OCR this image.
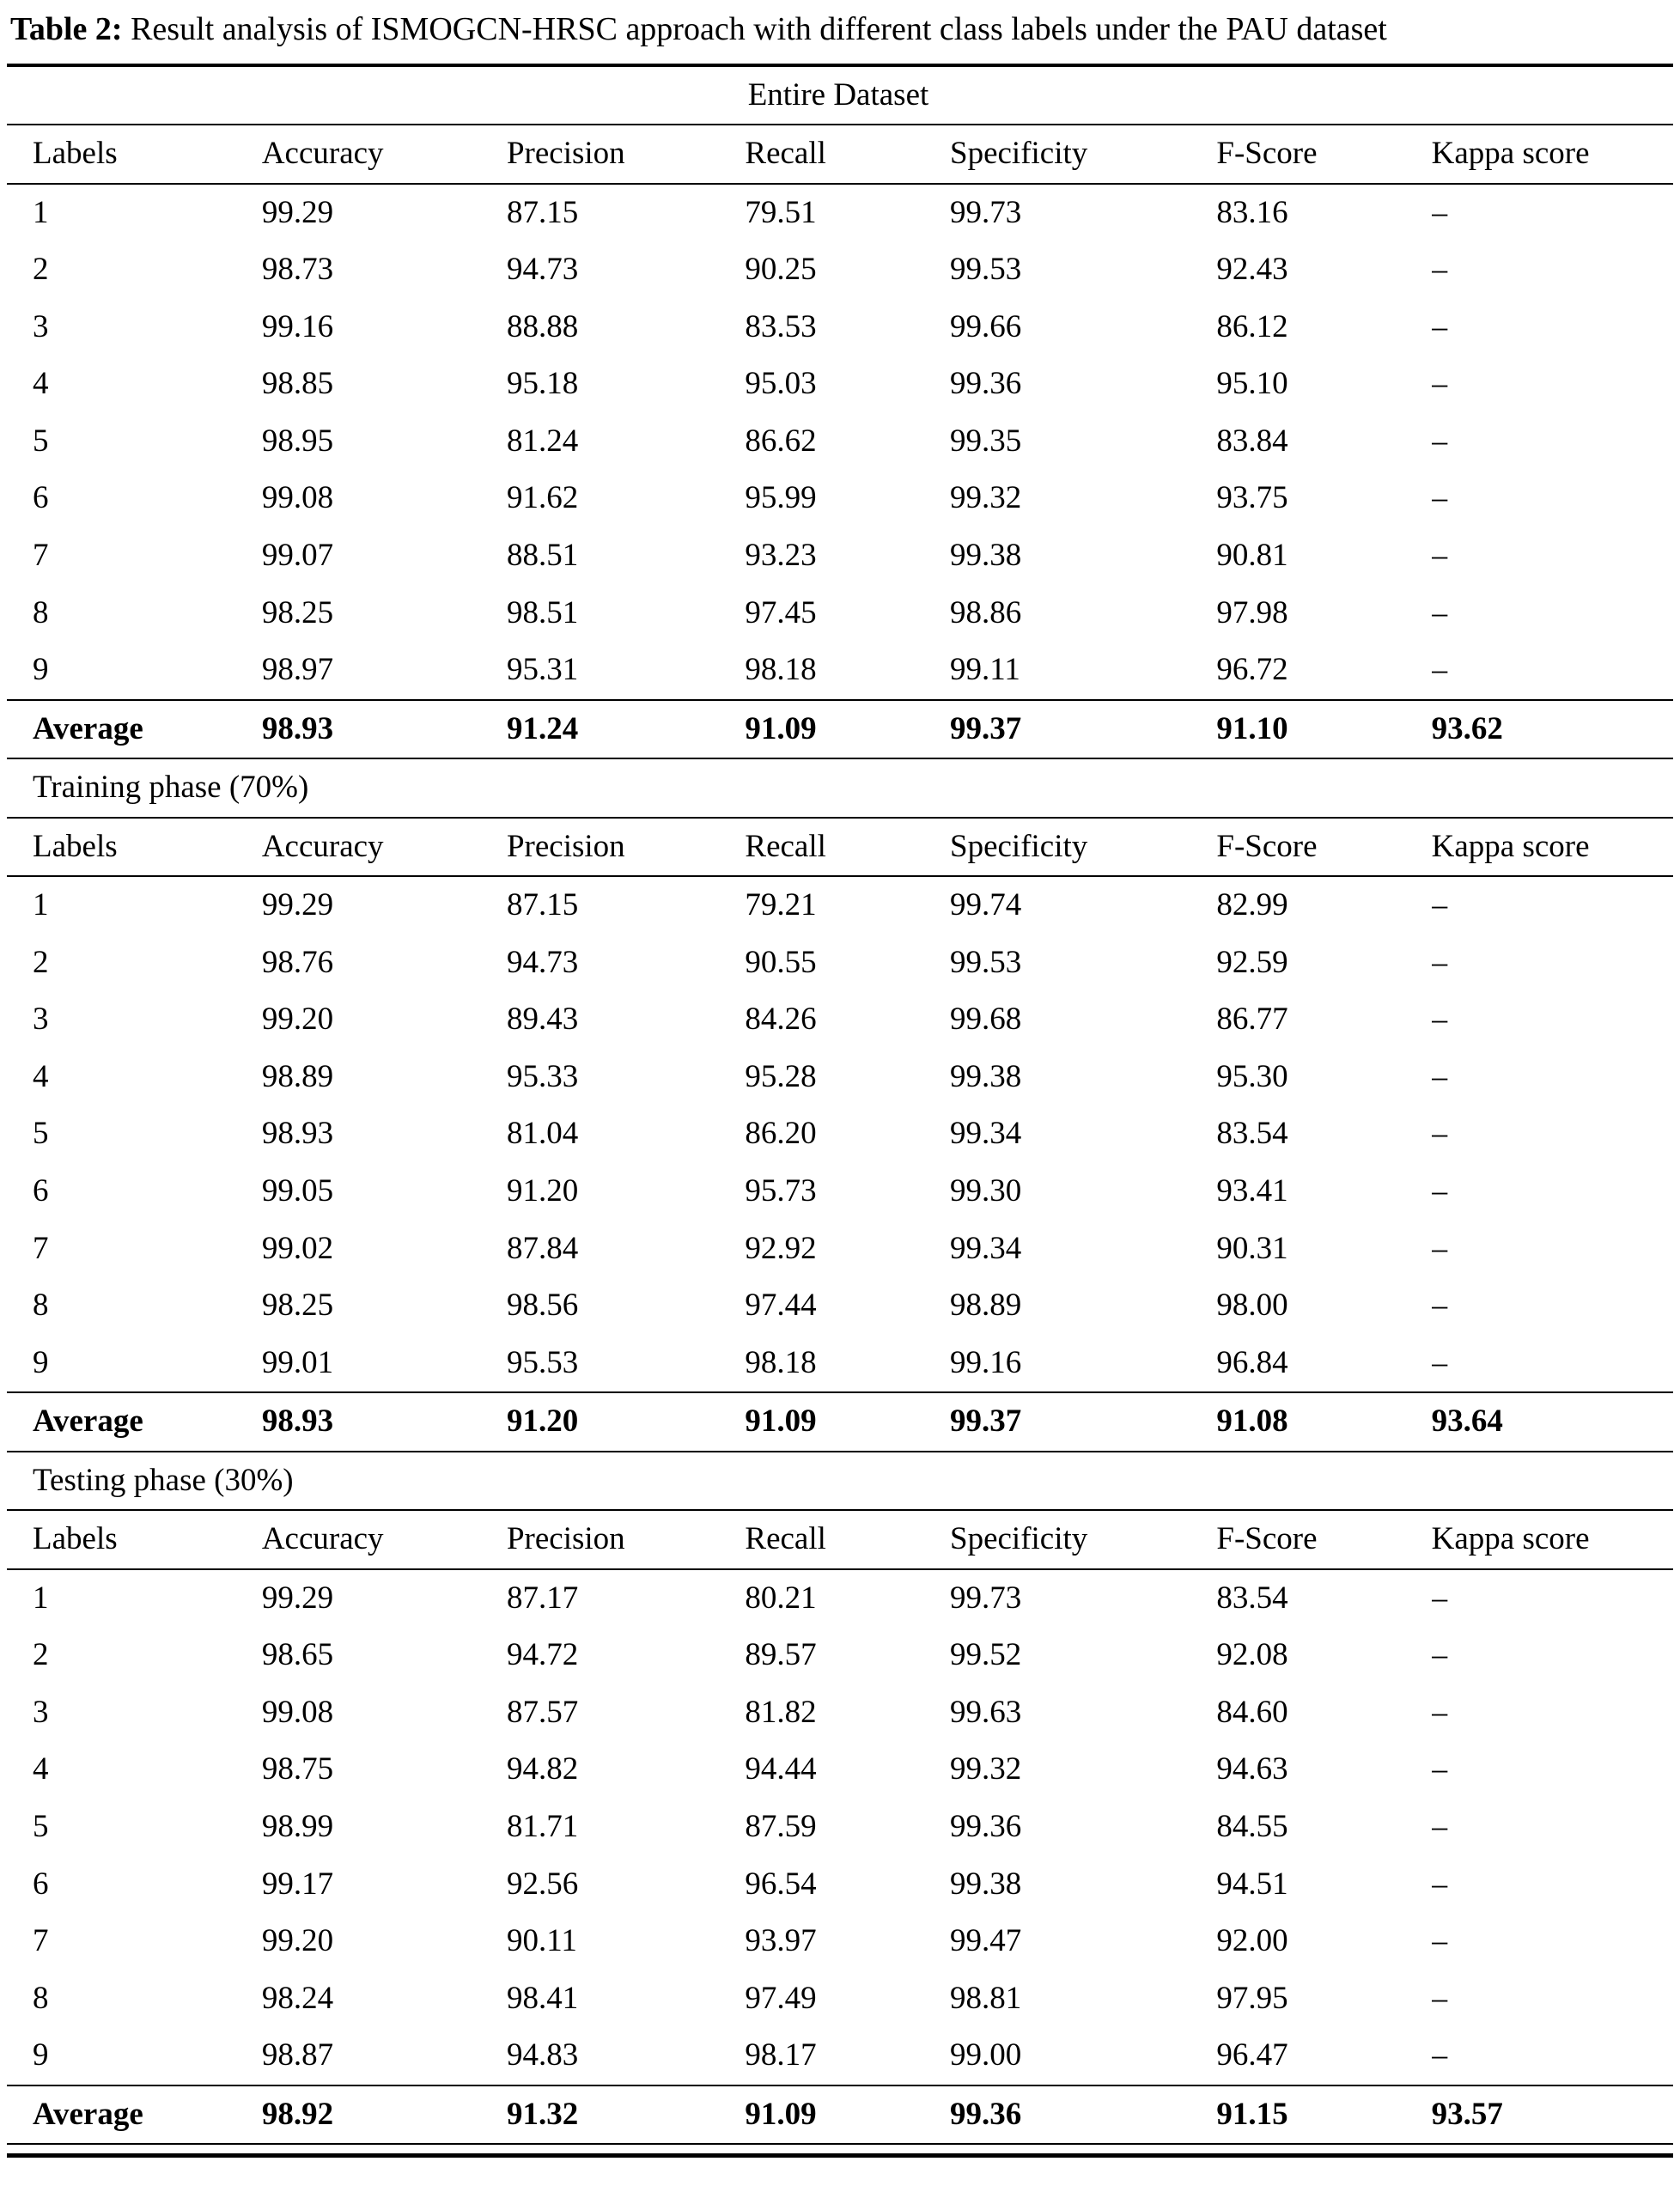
Table 2: Result analysis of ISMOGCN-HRSC approach with different class labels under the PAU dataset
Entire Dataset						
Labels	Accuracy	Precision	Recall	Specificity	F-Score	Kappa score
1	99.29	87.15	79.51	99.73	83.16	–
2	98.73	94.73	90.25	99.53	92.43	–
3	99.16	88.88	83.53	99.66	86.12	–
4	98.85	95.18	95.03	99.36	95.10	–
5	98.95	81.24	86.62	99.35	83.84	–
6	99.08	91.62	95.99	99.32	93.75	–
7	99.07	88.51	93.23	99.38	90.81	–
8	98.25	98.51	97.45	98.86	97.98	–
9	98.97	95.31	98.18	99.11	96.72	–
Average	98.93	91.24	91.09	99.37	91.10	93.62
Training phase (70%)						
Labels	Accuracy	Precision	Recall	Specificity	F-Score	Kappa score
1	99.29	87.15	79.21	99.74	82.99	–
2	98.76	94.73	90.55	99.53	92.59	–
3	99.20	89.43	84.26	99.68	86.77	–
4	98.89	95.33	95.28	99.38	95.30	–
5	98.93	81.04	86.20	99.34	83.54	–
6	99.05	91.20	95.73	99.30	93.41	–
7	99.02	87.84	92.92	99.34	90.31	–
8	98.25	98.56	97.44	98.89	98.00	–
9	99.01	95.53	98.18	99.16	96.84	–
Average	98.93	91.20	91.09	99.37	91.08	93.64
Testing phase (30%)						
Labels	Accuracy	Precision	Recall	Specificity	F-Score	Kappa score
1	99.29	87.17	80.21	99.73	83.54	–
2	98.65	94.72	89.57	99.52	92.08	–
3	99.08	87.57	81.82	99.63	84.60	–
4	98.75	94.82	94.44	99.32	94.63	–
5	98.99	81.71	87.59	99.36	84.55	–
6	99.17	92.56	96.54	99.38	94.51	–
7	99.20	90.11	93.97	99.47	92.00	–
8	98.24	98.41	97.49	98.81	97.95	–
9	98.87	94.83	98.17	99.00	96.47	–
Average	98.92	91.32	91.09	99.36	91.15	93.57
